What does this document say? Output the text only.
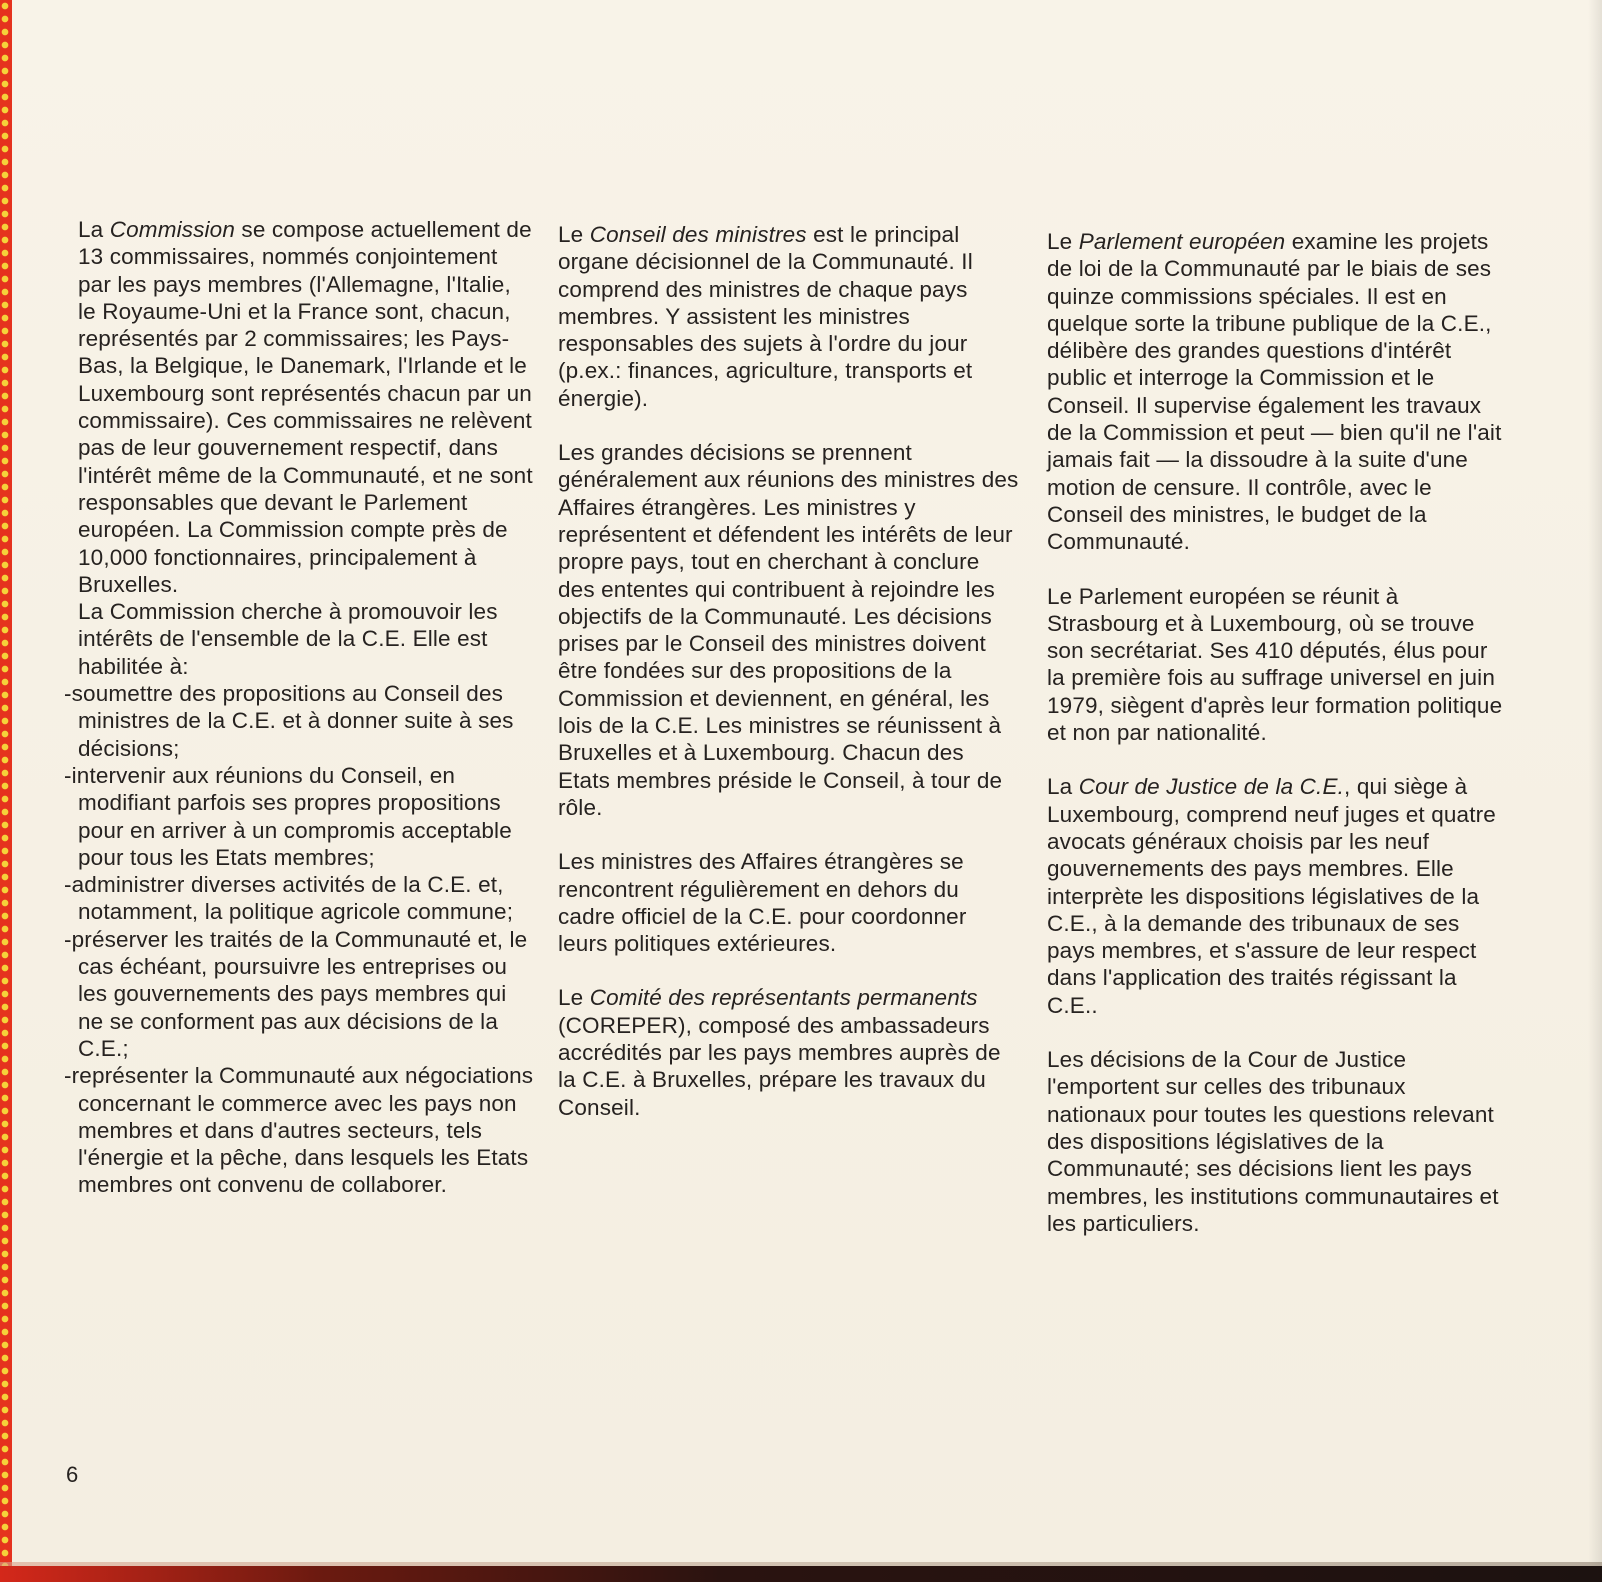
La Commission se compose actuellement de 13 commissaires, nommés conjointement par les pays membres (l'Allemagne, l'Italie, le Royaume-Uni et la France sont, chacun, représentés par 2 commissaires; les Pays-Bas, la Belgique, le Danemark, l'Irlande et le Luxembourg sont représentés chacun par un commissaire). Ces commissaires ne relèvent pas de leur gouvernement respectif, dans l'intérêt même de la Communauté, et ne sont responsables que devant le Parlement européen. La Commission compte près de 10,000 fonctionnaires, principalement à Bruxelles.

La Commission cherche à promouvoir les intérêts de l'ensemble de la C.E. Elle est habilitée à:

-soumettre des propositions au Conseil des ministres de la C.E. et à donner suite à ses décisions;

-intervenir aux réunions du Conseil, en modifiant parfois ses propres propositions pour en arriver à un compromis acceptable pour tous les Etats membres;

-administrer diverses activités de la C.E. et, notamment, la politique agricole commune;

-préserver les traités de la Communauté et, le cas échéant, poursuivre les entreprises ou les gouvernements des pays membres qui ne se conforment pas aux décisions de la C.E.;

-représenter la Communauté aux négociations concernant le commerce avec les pays non membres et dans d'autres secteurs, tels l'énergie et la pêche, dans lesquels les Etats membres ont convenu de collaborer.

Le Conseil des ministres est le principal organe décisionnel de la Communauté. Il comprend des ministres de chaque pays membres. Y assistent les ministres responsables des sujets à l'ordre du jour (p.ex.: finances, agriculture, transports et énergie).

Les grandes décisions se prennent généralement aux réunions des ministres des Affaires étrangères. Les ministres y représentent et défendent les intérêts de leur propre pays, tout en cherchant à conclure des ententes qui contribuent à rejoindre les objectifs de la Communauté. Les décisions prises par le Conseil des ministres doivent être fondées sur des propositions de la Commission et deviennent, en général, les lois de la C.E. Les ministres se réunissent à Bruxelles et à Luxembourg. Chacun des Etats membres préside le Conseil, à tour de rôle.

Les ministres des Affaires étrangères se rencontrent régulièrement en dehors du cadre officiel de la C.E. pour coordonner leurs politiques extérieures.

Le Comité des représentants permanents (COREPER), composé des ambassadeurs accrédités par les pays membres auprès de la C.E. à Bruxelles, prépare les travaux du Conseil.

Le Parlement européen examine les projets de loi de la Communauté par le biais de ses quinze commissions spéciales. Il est en quelque sorte la tribune publique de la C.E., délibère des grandes questions d'intérêt public et interroge la Commission et le Conseil. Il supervise également les travaux de la Commission et peut — bien qu'il ne l'ait jamais fait — la dissoudre à la suite d'une motion de censure. Il contrôle, avec le Conseil des ministres, le budget de la Communauté.

Le Parlement européen se réunit à Strasbourg et à Luxembourg, où se trouve son secrétariat. Ses 410 députés, élus pour la première fois au suffrage universel en juin 1979, siègent d'après leur formation politique et non par nationalité.

La Cour de Justice de la C.E., qui siège à Luxembourg, comprend neuf juges et quatre avocats généraux choisis par les neuf gouvernements des pays membres. Elle interprète les dispositions législatives de la C.E., à la demande des tribunaux de ses pays membres, et s'assure de leur respect dans l'application des traités régissant la C.E..

Les décisions de la Cour de Justice l'emportent sur celles des tribunaux nationaux pour toutes les questions relevant des dispositions législatives de la Communauté; ses décisions lient les pays membres, les institutions communautaires et les particuliers.

6
